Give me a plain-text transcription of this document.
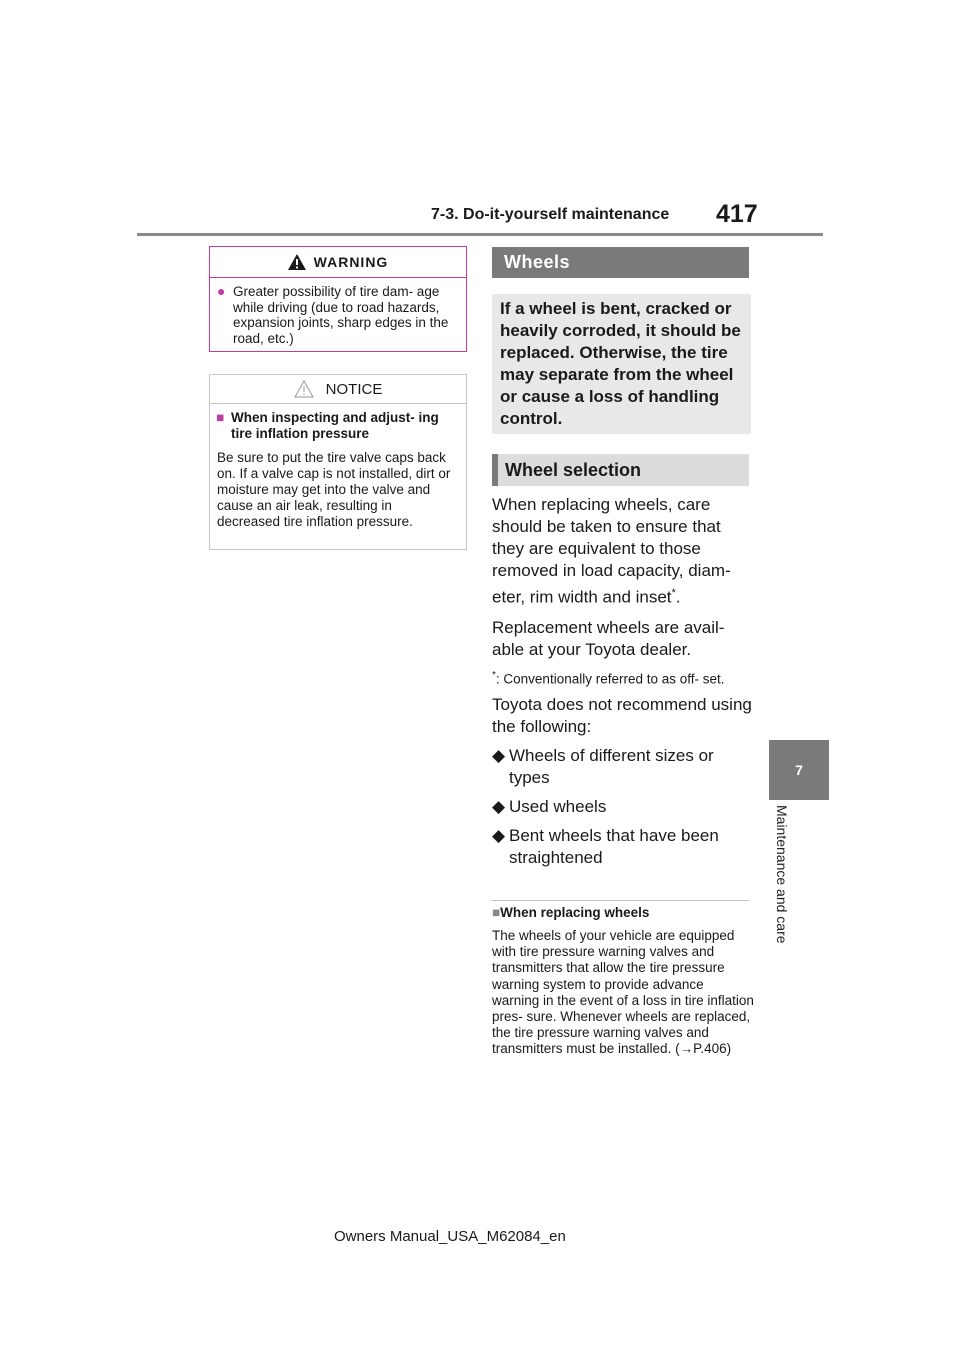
7-3. Do-it-yourself maintenance 417
7
Maintenance and care
WARNING
● Greater possibility of tire dam- age while driving (due to road hazards, expansion joints, sharp edges in the road, etc.)
NOTICE
■ When inspecting and adjust- ing tire inflation pressure
Be sure to put the tire valve caps back on. If a valve cap is not installed, dirt or moisture may get into the valve and cause an air leak, resulting in decreased tire inflation pressure.
Wheels
If a wheel is bent, cracked or heavily corroded, it should be replaced. Otherwise, the tire may separate from the wheel or cause a loss of handling control.
Wheel selection
When replacing wheels, care should be taken to ensure that they are equivalent to those removed in load capacity, diam- eter, rim width and inset*.
Replacement wheels are avail- able at your Toyota dealer.
*: Conventionally referred to as off- set.
Toyota does not recommend using the following:
◆ Wheels of different sizes or types
◆ Used wheels
◆ Bent wheels that have been straightened
■When replacing wheels
The wheels of your vehicle are equipped with tire pressure warning valves and transmitters that allow the tire pressure warning system to provide advance warning in the event of a loss in tire inflation pres- sure. Whenever wheels are replaced, the tire pressure warning valves and transmitters must be installed. (→P.406)
Owners Manual_USA_M62084_en
